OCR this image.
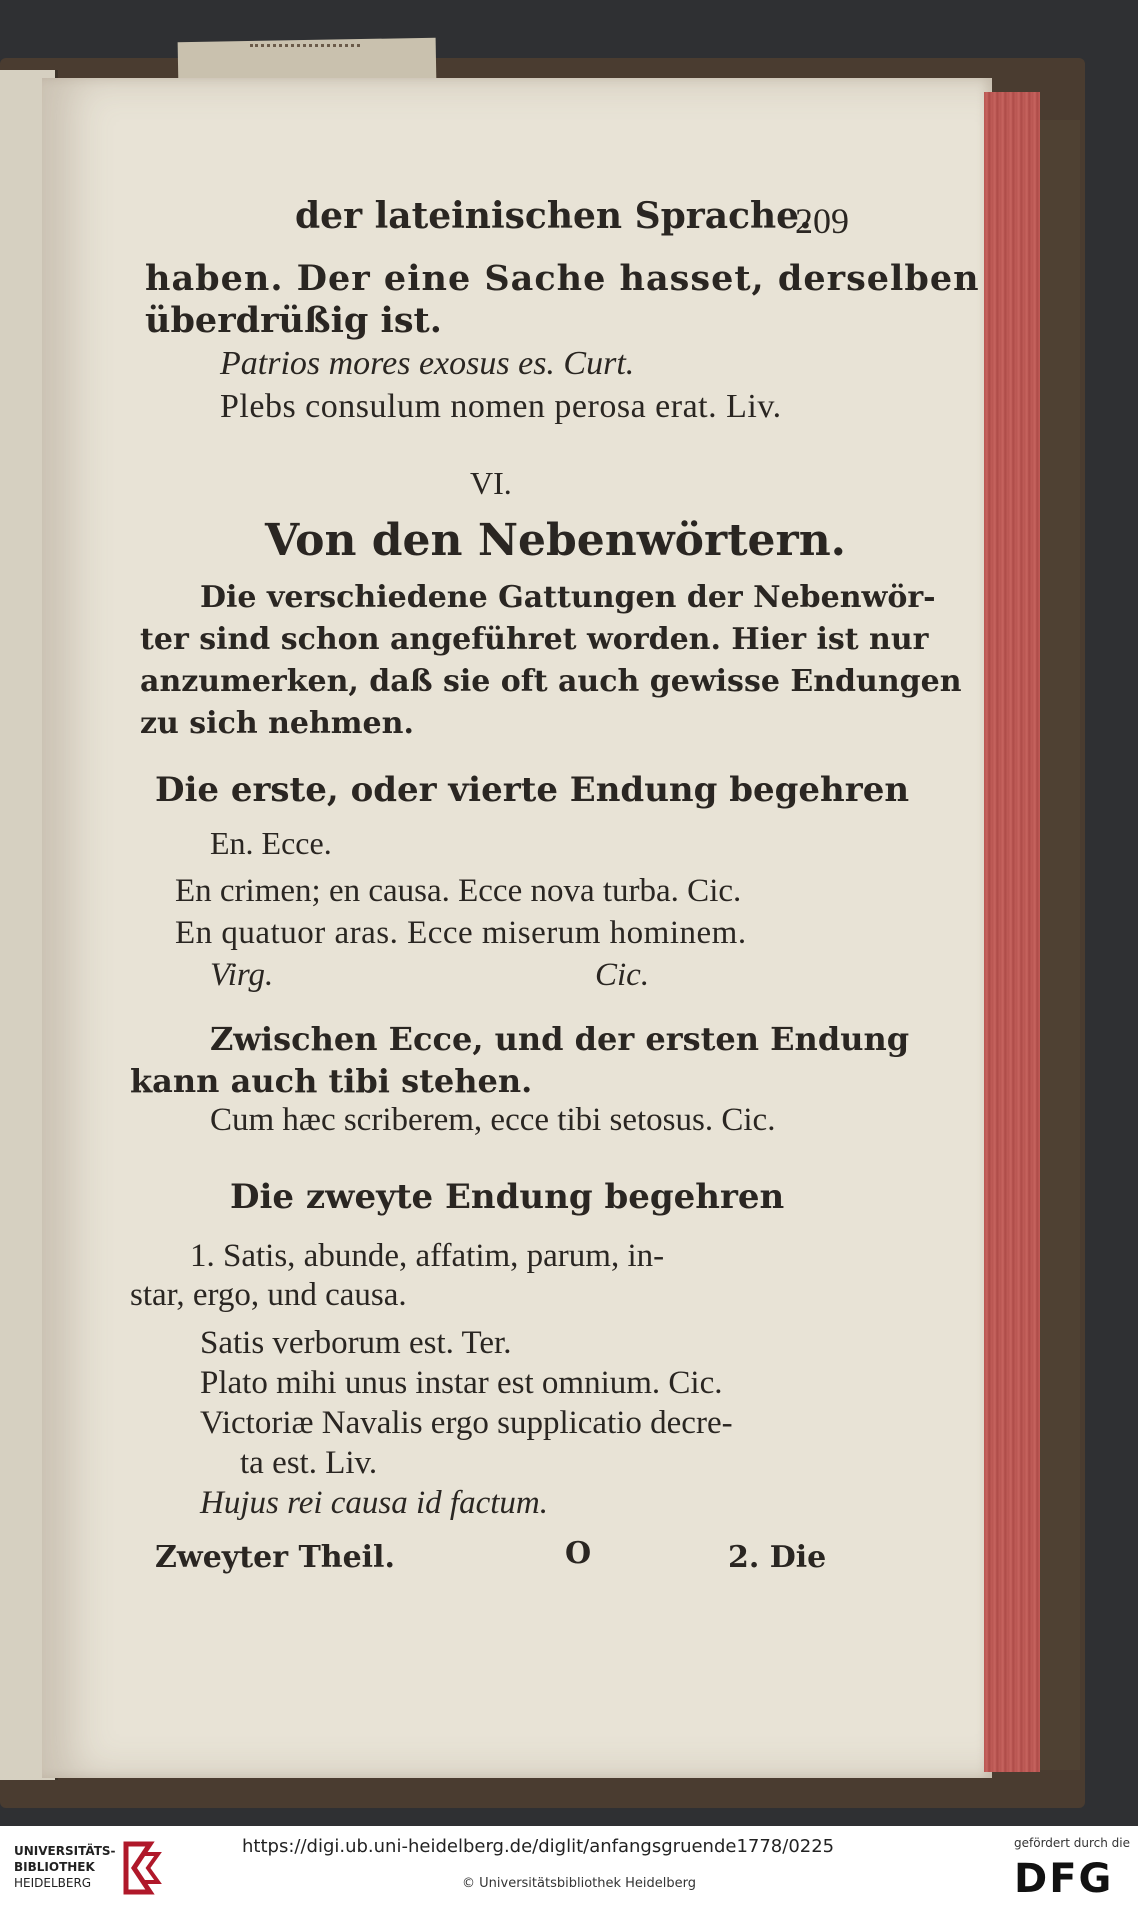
der lateinischen Sprache.
209
haben. Der eine Sache hasset, derselben
überdrüßig ist.
Patrios mores exosus es. Curt.
Plebs consulum nomen perosa erat. Liv.
VI.
Von den Nebenwörtern.
Die verschiedene Gattungen der Nebenwör-
ter sind schon angeführet worden. Hier ist nur
anzumerken, daß sie oft auch gewisse Endungen
zu sich nehmen.
Die erste, oder vierte Endung begehren
En. Ecce.
En crimen; en causa. Ecce nova turba. Cic.
En quatuor aras. Ecce miserum hominem.
Virg.	Cic.
Zwischen Ecce, und der ersten Endung
kann auch tibi stehen.
Cum hæc scriberem, ecce tibi setosus. Cic.
Die zweyte Endung begehren
1. Satis, abunde, affatim, parum, in-
star, ergo, und causa.
Satis verborum est. Ter.
Plato mihi unus instar est omnium. Cic.
Victoriæ Navalis ergo supplicatio decre-
ta est. Liv.
Hujus rei causa id factum.
Zweyter Theil.	O	2. Die
UNIVERSITÄTS-
BIBLIOTHEK
HEIDELBERG
https://digi.ub.uni-heidelberg.de/diglit/anfangsgruende1778/0225
© Universitätsbibliothek Heidelberg
gefördert durch die
DFG
